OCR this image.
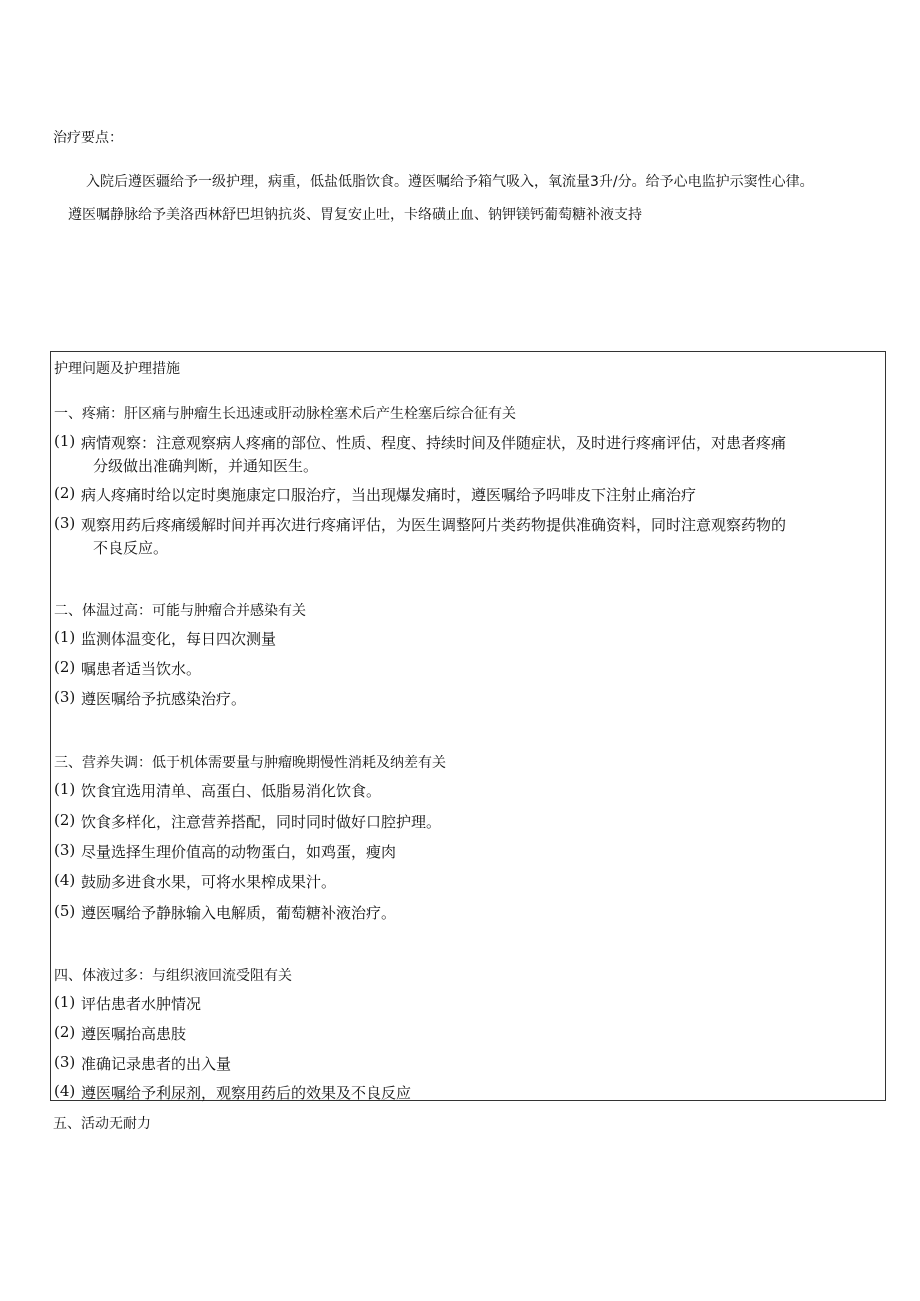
治疗要点：
入院后遵医疆给予一级护理，病重，低盐低脂饮食。遵医嘱给予箱气吸入，氧流量3升/分。给予心电监护示窦性心律。
遵医嘱静脉给予美洛西林舒巴坦钠抗炎、胃复安止吐，卡络磺止血、钠钾镁钙葡萄糖补液支持
护理问题及护理措施
一、疼痛：肝区痛与肿瘤生长迅速或肝动脉栓塞术后产生栓塞后综合征有关
(1) 病情观察：注意观察病人疼痛的部位、性质、程度、持续时间及伴随症状，及时进行疼痛评估，对患者疼痛
分级做出准确判断，并通知医生。
(2) 病人疼痛时给以定时奥施康定口服治疗，当出现爆发痛时，遵医嘱给予吗啡皮下注射止痛治疗
(3) 观察用药后疼痛缓解时间并再次进行疼痛评估，为医生调整阿片类药物提供准确资料，同时注意观察药物的
不良反应。
二、体温过高：可能与肿瘤合并感染有关
(1) 监测体温变化，每日四次测量
(2) 嘱患者适当饮水。
(3) 遵医嘱给予抗感染治疗。
三、营养失调：低于机体需要量与肿瘤晚期慢性消耗及纳差有关
(1) 饮食宜选用清单、高蛋白、低脂易消化饮食。
(2) 饮食多样化，注意营养搭配，同时同时做好口腔护理。
(3) 尽量选择生理价值高的动物蛋白，如鸡蛋，瘦肉
(4) 鼓励多进食水果，可将水果榨成果汁。
(5) 遵医嘱给予静脉输入电解质，葡萄糖补液治疗。
四、体液过多：与组织液回流受阻有关
(1) 评估患者水肿情况
(2) 遵医嘱抬高患肢
(3) 准确记录患者的出入量
(4) 遵医嘱给予利尿剂，观察用药后的效果及不良反应
五、活动无耐力
